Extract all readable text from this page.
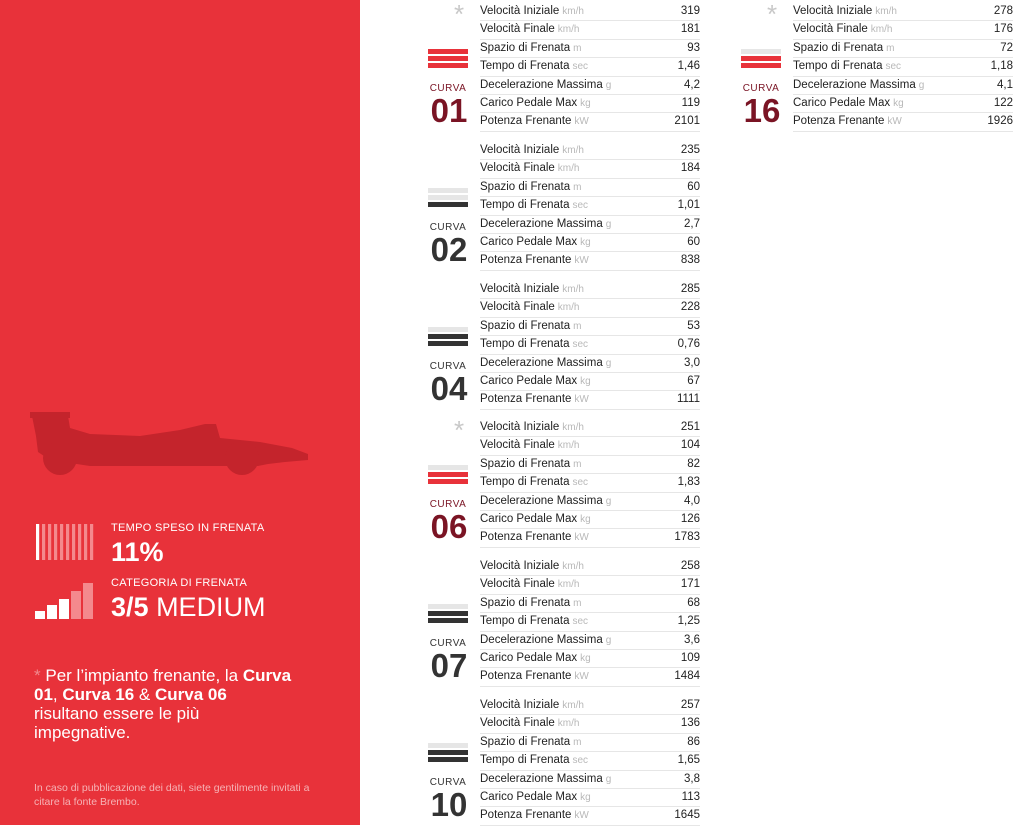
TEMPO SPESO IN FRENATA
11%
CATEGORIA DI FRENATA
3/5 MEDIUM
* Per l’impianto frenante, la Curva 01, Curva 16 & Curva 06 risultano essere le più impegnative.
In caso di pubblicazione dei dati, siete gentilmente invitati a citare la fonte Brembo.
*
CURVA
01
Velocità Iniziale km/h	319
Velocità Finale km/h	181
Spazio di Frenata m	93
Tempo di Frenata sec	1,46
Decelerazione Massima g	4,2
Carico Pedale Max kg	119
Potenza Frenante kW	2101
CURVA
02
Velocità Iniziale km/h	235
Velocità Finale km/h	184
Spazio di Frenata m	60
Tempo di Frenata sec	1,01
Decelerazione Massima g	2,7
Carico Pedale Max kg	60
Potenza Frenante kW	838
CURVA
04
Velocità Iniziale km/h	285
Velocità Finale km/h	228
Spazio di Frenata m	53
Tempo di Frenata sec	0,76
Decelerazione Massima g	3,0
Carico Pedale Max kg	67
Potenza Frenante kW	1111
*
CURVA
06
Velocità Iniziale km/h	251
Velocità Finale km/h	104
Spazio di Frenata m	82
Tempo di Frenata sec	1,83
Decelerazione Massima g	4,0
Carico Pedale Max kg	126
Potenza Frenante kW	1783
CURVA
07
Velocità Iniziale km/h	258
Velocità Finale km/h	171
Spazio di Frenata m	68
Tempo di Frenata sec	1,25
Decelerazione Massima g	3,6
Carico Pedale Max kg	109
Potenza Frenante kW	1484
CURVA
10
Velocità Iniziale km/h	257
Velocità Finale km/h	136
Spazio di Frenata m	86
Tempo di Frenata sec	1,65
Decelerazione Massima g	3,8
Carico Pedale Max kg	113
Potenza Frenante kW	1645
*
CURVA
16
Velocità Iniziale km/h	278
Velocità Finale km/h	176
Spazio di Frenata m	72
Tempo di Frenata sec	1,18
Decelerazione Massima g	4,1
Carico Pedale Max kg	122
Potenza Frenante kW	1926
